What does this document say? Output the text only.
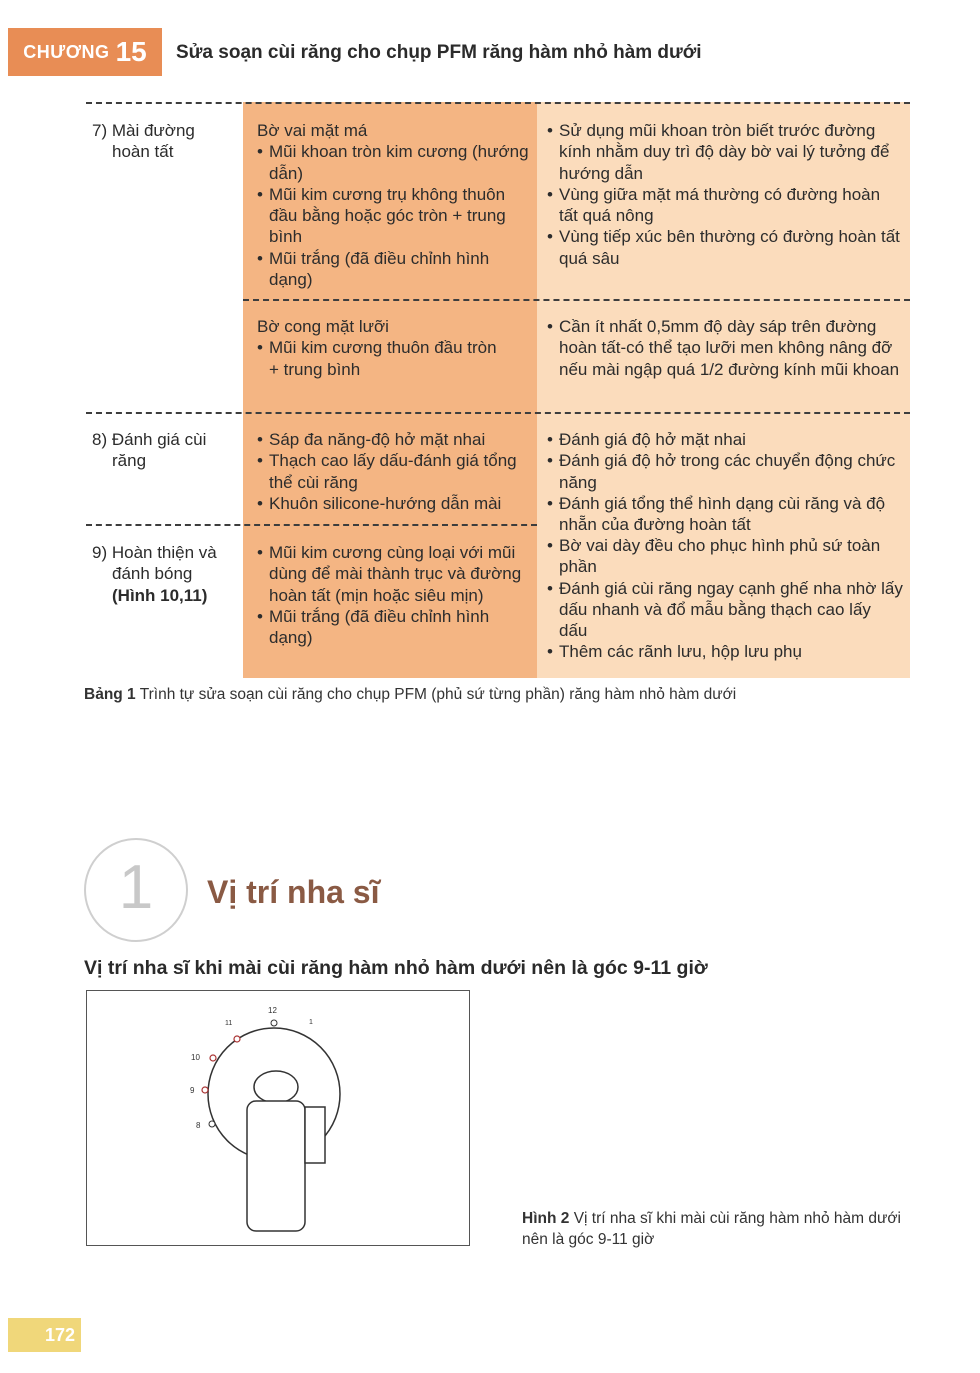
CHƯƠNG 15 Sửa soạn cùi răng cho chụp PFM răng hàm nhỏ hàm dưới
7) Mài đường
hoàn tất
Bờ vai mặt má
• Mũi khoan tròn kim cương (hướng dẫn)
• Mũi kim cương trụ không thuôn đầu bằng hoặc góc tròn + trung bình
• Mũi trắng (đã điều chỉnh hình dạng)
• Sử dụng mũi khoan tròn biết trước đường kính nhằm duy trì độ dày bờ vai lý tưởng để hướng dẫn
• Vùng giữa mặt má thường có đường hoàn tất quá nông
• Vùng tiếp xúc bên thường có đường hoàn tất quá sâu
Bờ cong mặt lưỡi
• Mũi kim cương thuôn đầu tròn
+ trung bình
• Cần ít nhất 0,5mm độ dày sáp trên đường hoàn tất-có thể tạo lưỡi men không nâng đỡ nếu mài ngập quá 1/2 đường kính mũi khoan
8) Đánh giá cùi
răng
• Sáp đa năng-độ hở mặt nhai
• Thạch cao lấy dấu-đánh giá tổng thể cùi răng
• Khuôn silicone-hướng dẫn mài
• Đánh giá độ hở mặt nhai
• Đánh giá độ hở trong các chuyển động chức năng
• Đánh giá tổng thể hình dạng cùi răng và độ nhẵn của đường hoàn tất
9) Hoàn thiện và
đánh bóng
(Hình 10,11)
• Mũi kim cương cùng loại với mũi dùng để mài thành trục và đường hoàn tất (mịn hoặc siêu mịn)
• Mũi trắng (đã điều chỉnh hình dạng)
• Bờ vai dày đều cho phục hình phủ sứ toàn phần
• Đánh giá cùi răng ngay cạnh ghế nha nhờ lấy dấu nhanh và đổ mẫu bằng thạch cao lấy dấu
• Thêm các rãnh lưu, hộp lưu phụ
Bảng 1 Trình tự sửa soạn cùi răng cho chụp PFM (phủ sứ từng phần) răng hàm nhỏ hàm dưới
1	Vị trí nha sĩ
Vị trí nha sĩ khi mài cùi răng hàm nhỏ hàm dưới nên là góc 9-11 giờ
12
1
11
10
9
8
Hình 2 Vị trí nha sĩ khi mài cùi răng hàm nhỏ hàm dưới nên là góc 9-11 giờ
172
